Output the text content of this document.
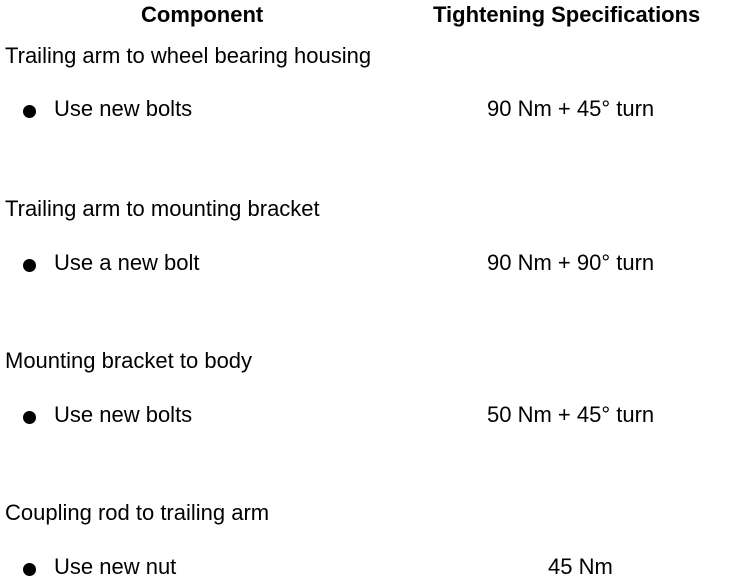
Component	Tightening Specifications
Trailing arm to wheel bearing housing
Use new bolts	90 Nm + 45° turn
Trailing arm to mounting bracket
Use a new bolt	90 Nm + 90° turn
Mounting bracket to body
Use new bolts	50 Nm + 45° turn
Coupling rod to trailing arm
Use new nut	45 Nm
